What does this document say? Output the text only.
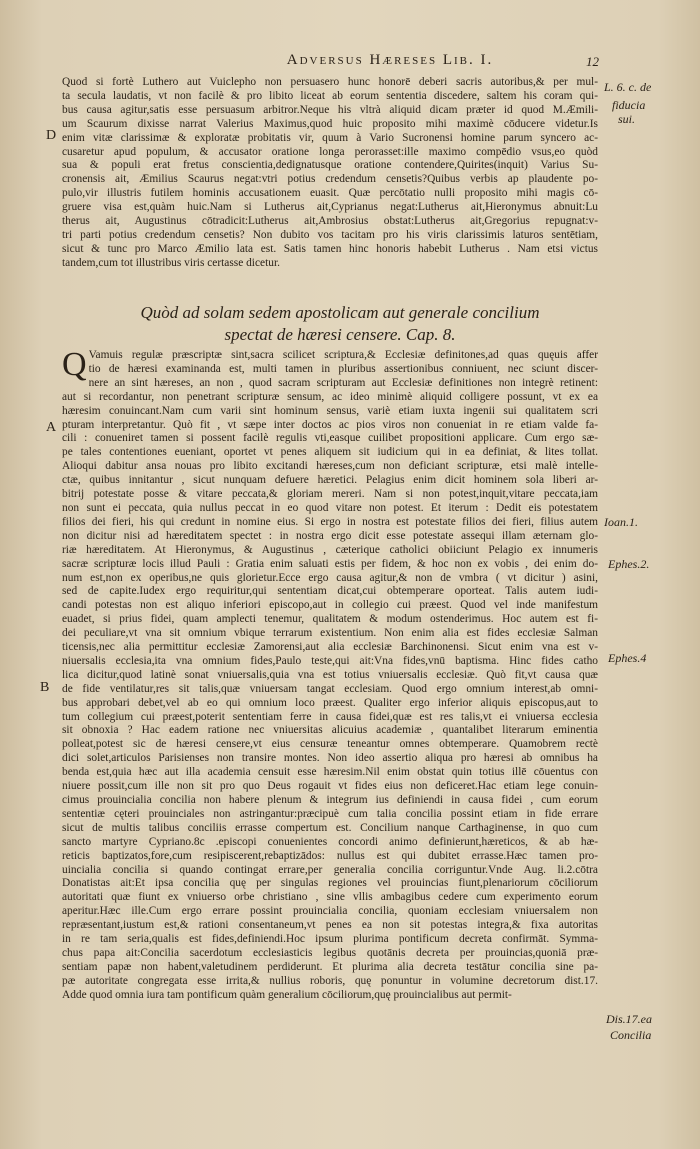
Adversus Hæreses Lib. I.	12

Quod si fortè Luthero aut Vuiclepho non persuasero hunc honorē deberi sacris autoribus,& per mul-
ta secula laudatis, vt non facilè & pro libito liceat ab eorum sententia discedere, saltem his coram qui-
bus causa agitur,satis esse persuasum arbitror.Neque his vltrà aliquid dicam præter id quod M.Æmili-
um Scaurum dixisse narrat Valerius Maximus,quod huic proposito mihi maximè cōducere videtur.Is
enim vitæ clarissimæ & exploratæ probitatis vir, quum à Vario Sucronensi homine parum syncero ac-
cusaretur apud populum, & accusator oratione longa perorasset:ille maximo compēdio vsus,eo quòd
sua & populi erat fretus conscientia,dedignatusque oratione contendere,Quirites(inquit) Varius Su-
cronensis ait, Æmilius Scaurus negat:vtri potius credendum censetis?Quibus verbis ap plaudente po-
pulo,vir illustris futilem hominis accusationem euasit. Quæ percōtatio nulli proposito mihi magis cō-
gruere visa est,quàm huic.Nam si Lutherus ait,Cyprianus negat:Lutherus ait,Hieronymus abnuit:Lu
therus ait, Augustinus cōtradicit:Lutherus ait,Ambrosius obstat:Lutherus ait,Gregorius repugnat:v-
tri parti potius credendum censetis? Non dubito vos tacitam pro his viris clarissimis laturos sentētiam,
sicut & tunc pro Marco Æmilio lata est. Satis tamen hinc honoris habebit Lutherus . Nam etsi victus
tandem,cum tot illustribus viris certasse dicetur.

Quòd ad solam sedem apostolicam aut generale concilium
spectat de hæresi censere. Cap. 8.
Q Vamuis regulæ præscriptæ sint,sacra scilicet scriptura,& Ecclesiæ definitones,ad quas quęuis affer
tio de hæresi examinanda est, multi tamen in pluribus assertionibus conniuent, nec sciunt discer-
nere an sint hæreses, an non , quod sacram scripturam aut Ecclesiæ definitiones non integrè retinent:
aut si recordantur, non penetrant scripturæ sensum, ac ideo minimè aliquid colligere possunt, vt ex ea
hæresim conuincant.Nam cum varii sint hominum sensus, variè etiam iuxta ingenii sui qualitatem scri
pturam interpretantur. Quò fit , vt sæpe inter doctos ac pios viros non conueniat in re etiam valde fa-
cili : conueniret tamen si possent facilè regulis vti,easque cuilibet propositioni applicare. Cum ergo sæ-
pe tales contentiones eueniant, oportet vt penes aliquem sit iudicium qui in ea definiat, & lites tollat.
Alioqui dabitur ansa nouas pro libito excitandi hæreses,cum non deficiant scripturæ, etsi malè intelle-
ctæ, quibus innitantur , sicut nunquam defuere hæretici. Pelagius enim dicit hominem sola liberi ar-
bitrij potestate posse & vitare peccata,& gloriam mereri. Nam si non potest,inquit,vitare peccata,iam
non sunt ei peccata, quia nullus peccat in eo quod vitare non potest. Et iterum : Dedit eis potestatem
filios dei fieri, his qui credunt in nomine eius. Si ergo in nostra est potestate filios dei fieri, filius autem
non dicitur nisi ad hæreditatem spectet : in nostra ergo dicit esse potestate assequi illam æternam glo-
riæ hæreditatem. At Hieronymus, & Augustinus , cæterique catholici obiiciunt Pelagio ex innumeris
sacræ scripturæ locis illud Pauli : Gratia enim saluati estis per fidem, & hoc non ex vobis , dei enim do-
num est,non ex operibus,ne quis glorietur.Ecce ergo causa agitur,& non de vmbra ( vt dicitur ) asini,
sed de capite.Iudex ergo requiritur,qui sententiam dicat,cui obtemperare oporteat. Talis autem iudi-
candi potestas non est aliquo inferiori episcopo,aut in collegio cui præest. Quod vel inde manifestum
euadet, si prius fidei, quam amplecti tenemur, qualitatem & modum ostenderimus. Hoc autem est fi-
dei peculiare,vt vna sit omnium vbique terrarum existentium. Non enim alia est fides ecclesiæ Salman
ticensis,nec alia permittitur ecclesiæ Zamorensi,aut alia ecclesiæ Barchinonensi. Sicut enim vna est v-
niuersalis ecclesia,ita vna omnium fides,Paulo teste,qui ait:Vna fides,vnū baptisma. Hinc fides catho
lica dicitur,quod latinè sonat vniuersalis,quia vna est totius vniuersalis ecclesiæ. Quò fit,vt causa quæ
de fide ventilatur,res sit talis,quæ vniuersam tangat ecclesiam. Quod ergo omnium interest,ab omni-
bus approbari debet,vel ab eo qui omnium loco præest. Qualiter ergo inferior aliquis episcopus,aut to
tum collegium cui præest,poterit sententiam ferre in causa fidei,quæ est res talis,vt ei vniuersa ecclesia
sit obnoxia ? Hac eadem ratione nec vniuersitas alicuius academiæ , quantalibet literarum eminentia
polleat,potest sic de hæresi censere,vt eius censuræ teneantur omnes obtemperare. Quamobrem rectè
dici solet,articulos Parisienses non transire montes. Non ideo assertio aliqua pro hæresi ab omnibus ha
benda est,quia hæc aut illa academia censuit esse hæresim.Nil enim obstat quin totius illē cōuentus con
niuere possit,cum ille non sit pro quo Deus rogauit vt fides eius non deficeret.Hac etiam lege conuin-
cimus prouincialia concilia non habere plenum & integrum ius definiendi in causa fidei , cum eorum
sententiæ cęteri prouinciales non astringantur:præcipuè cum talia concilia possint etiam in fide errare
sicut de multis talibus conciliis errasse compertum est. Concilium nanque Carthaginense, in quo cum
sancto martyre Cypriano.8c .episcopi conuenientes concordi animo definierunt,hæreticos, & ab hæ-
reticis baptizatos,fore,cum resipiscerent,rebaptizādos: nullus est qui dubitet errasse.Hæc tamen pro-
uincialia concilia si quando contingat errare,per generalia concilia corriguntur.Vnde Aug. li.2.cōtra
Donatistas ait:Et ipsa concilia quę per singulas regiones vel prouincias fiunt,plenariorum cōciliorum
autoritati quæ fiunt ex vniuerso orbe christiano , sine vllis ambagibus cedere cum experimento eorum
aperitur.Hæc ille.Cum ergo errare possint prouincialia concilia, quoniam ecclesiam vniuersalem non
repræsentant,iustum est,& rationi consentaneum,vt penes ea non sit potestas integra,& fixa autoritas
in re tam seria,qualis est fides,definiendi.Hoc ipsum plurima pontificum decreta confirmāt. Symma-
chus papa ait:Concilia sacerdotum ecclesiasticis legibus quotānis decreta per prouincias,quoniā præ-
sentiam papæ non habent,valetudinem perdiderunt. Et plurima alia decreta testātur concilia sine pa-
pæ autoritate congregata esse irrita,& nullius roboris, quę ponuntur in volumine decretorum dist.17.
Adde quod omnia iura tam pontificum quàm generalium cōciliorum,quę prouincialibus aut permit-

L. 6. c. de
fiducia
sui.
Ioan.1.
Ephes.2.
Ephes.4
Dis.17.ea
Concilia
D
A
B
